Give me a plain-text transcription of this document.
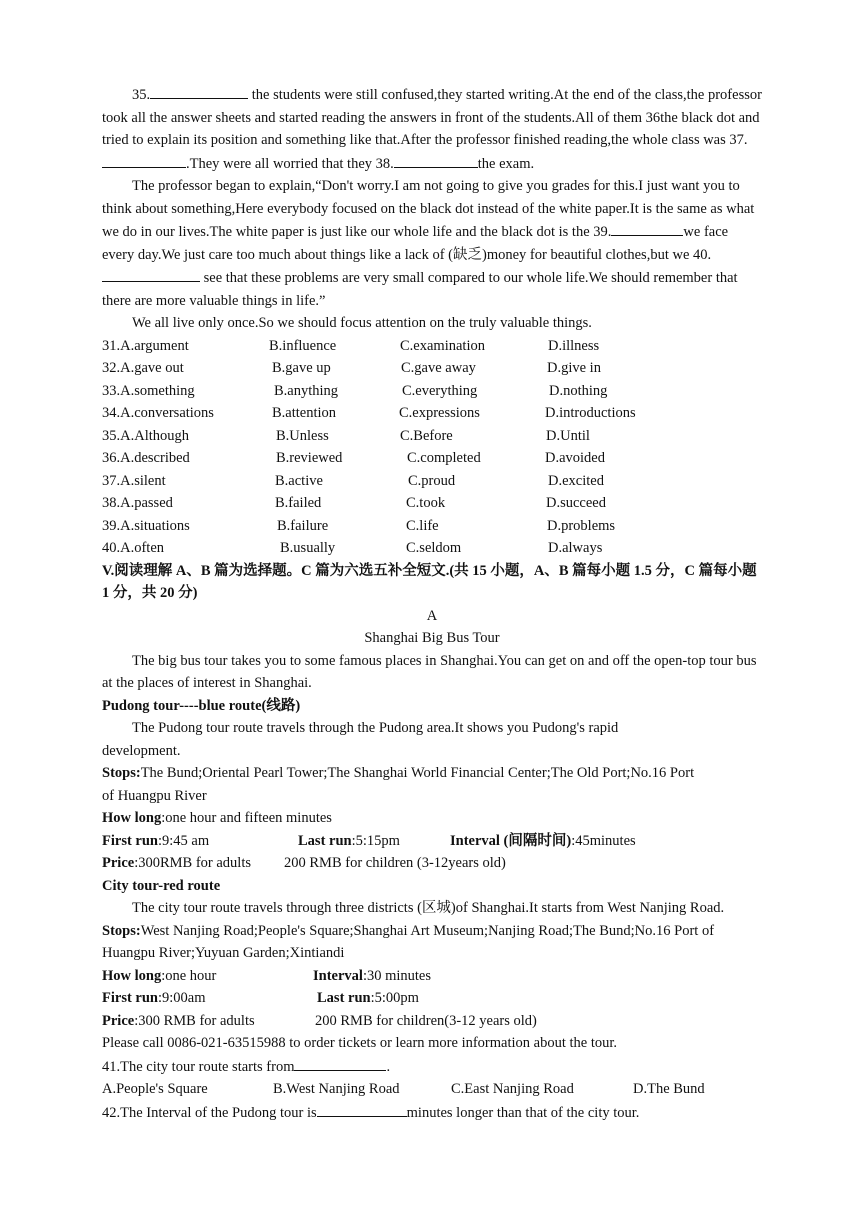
35.	the students were still confused,they started writing.At the end of the class,the professor took all the answer sheets and started reading the answers in front of the students.All of them 36the black dot and tried to explain its position and something like that.After the professor finished reading,the whole class was 37..They were all worried that they 38.	the exam.

The professor began to explain,“Don't worry.I am not going to give you grades for this.I just want you to think about something,Here everybody focused on the black dot instead of the white paper.It is the same as what we do in our lives.The white paper is just like our whole life and the black dot is the 39.	we face every day.We just care too much about things like a lack of (缺乏)money for beautiful clothes,but we 40. see that these problems are very small compared to our whole life.We should remember that there are more valuable things in life.”

We all live only once.So we should focus attention on the truly valuable things.

31.A.argument	B.influence	C.examination	D.illness
32.A.gave out	B.gave up	C.gave away	D.give in
33.A.something	B.anything	C.everything	D.nothing
34.A.conversations	B.attention	C.expressions	D.introductions
35.A.Although	B.Unless	C.Before	D.Until
36.A.described	B.reviewed	C.completed	D.avoided
37.A.silent	B.active	C.proud	D.excited
38.A.passed	B.failed	C.took	D.succeed
39.A.situations	B.failure	C.life	D.problems
40.A.often	B.usually	C.seldom	D.always

V.阅读理解 A、B 篇为选择题。C 篇为六选五补全短文.(共 15 小题，A、B 篇每小题 1.5 分，C 篇每小题 1 分，共 20 分)

A

Shanghai Big Bus Tour

The big bus tour takes you to some famous places in Shanghai.You can get on and off the open-top tour bus at the places of interest in Shanghai.

Pudong tour----blue route(线路)

The Pudong tour route travels through the Pudong area.It shows you Pudong's rapid development.

Stops:The Bund;Oriental Pearl Tower;The Shanghai World Financial Center;The Old Port;No.16 Port of Huangpu River

How long:one hour and fifteen minutes

First run:9:45 am	Last run:5:15pm	Interval (间隔时间):45minutes
Price:300RMB for adults 200 RMB for children (3-12years old)

City tour-red route

The city tour route travels through three districts (区城)of Shanghai.It starts from West Nanjing Road.

Stops:West Nanjing Road;People's Square;Shanghai Art Museum;Nanjing Road;The Bund;No.16 Port of Huangpu River;Yuyuan Garden;Xintiandi

How long:one hour	Interval:30 minutes
First run:9:00am	Last run:5:00pm
Price:300 RMB for adults	200 RMB for children(3-12 years old)

Please call 0086-021-63515988 to order tickets or learn more information about the tour.

41.The city tour route starts from	.

A.People's Square	B.West Nanjing Road	C.East Nanjing Road	D.The Bund

42.The Interval of the Pudong tour is	minutes longer than that of the city tour.
